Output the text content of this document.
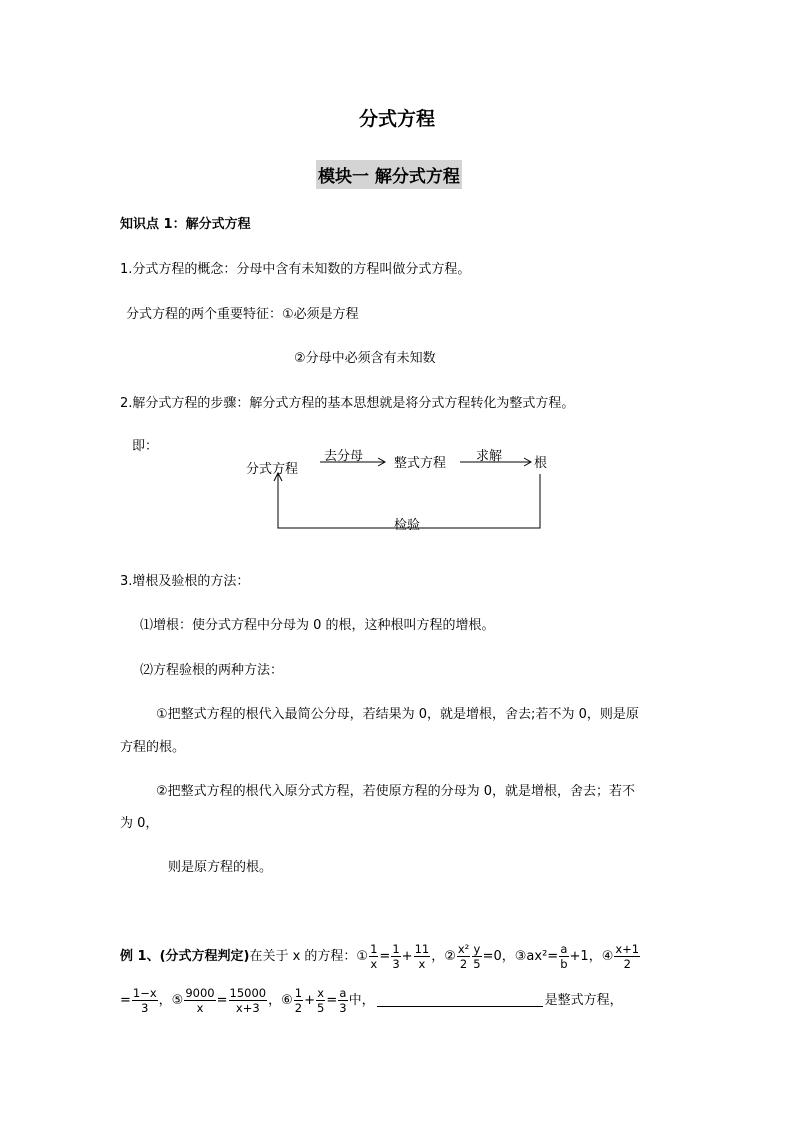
分式方程
模块一 解分式方程
知识点 1：解分式方程
1.分式方程的概念：分母中含有未知数的方程叫做分式方程。
分式方程的两个重要特征：①必须是方程
②分母中必须含有未知数
2.解分式方程的步骤：解分式方程的基本思想就是将分式方程转化为整式方程。
即：
分式方程
去分母 整式方程 求解 根
检验
3.增根及验根的方法：
⑴增根：使分式方程中分母为 0 的根，这种根叫方程的增根。
⑵方程验根的两种方法：
①把整式方程的根代入最简公分母，若结果为 0，就是增根，舍去;若不为 0，则是原
方程的根。
②把整式方程的根代入原分式方程，若使原方程的分母为 0，就是增根，舍去；若不
为 0，
则是原方程的根。
例 1、(分式方程判定)在关于 x 的方程：① $\frac{1}{x} = \frac{1}{3} + \frac{11}{x}$ ，② $\frac{\text{x²}}{2} \frac{y}{5} =0$，③ax²= $\frac{a}{b} +1$，④ $\frac{x+1}{2}$
= $\frac{1-x}{3}$ ，⑤ $\frac{9000}{x} = \frac{15000}{x+3}$ ，⑥ $\frac{1}{2} + \frac{x}{5} = \frac{a}{3}$ 中，	是整式方程，
